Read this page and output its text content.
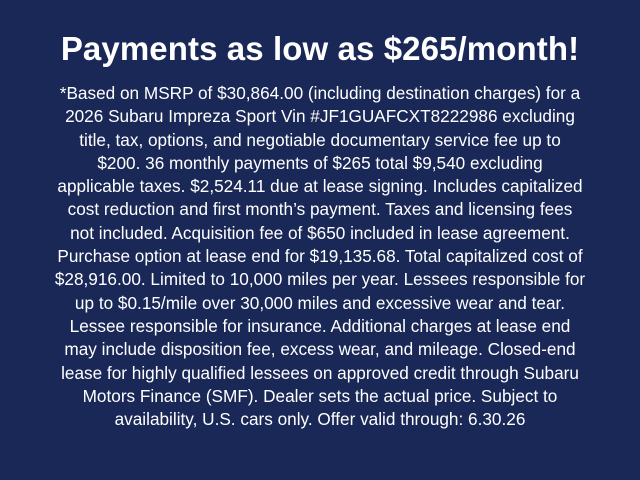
Payments as low as $265/month!

*Based on MSRP of $30,864.00 (including destination charges) for a
2026 Subaru Impreza Sport Vin #JF1GUAFCXT8222986 excluding
title, tax, options, and negotiable documentary service fee up to
$200. 36 monthly payments of $265 total $9,540 excluding
applicable taxes. $2,524.11 due at lease signing. Includes capitalized
cost reduction and first month’s payment. Taxes and licensing fees
not included. Acquisition fee of $650 included in lease agreement.
Purchase option at lease end for $19,135.68. Total capitalized cost of
$28,916.00. Limited to 10,000 miles per year. Lessees responsible for
up to $0.15/mile over 30,000 miles and excessive wear and tear.
Lessee responsible for insurance. Additional charges at lease end
may include disposition fee, excess wear, and mileage. Closed-end
lease for highly qualified lessees on approved credit through Subaru
Motors Finance (SMF). Dealer sets the actual price. Subject to
availability, U.S. cars only. Offer valid through: 6.30.26
